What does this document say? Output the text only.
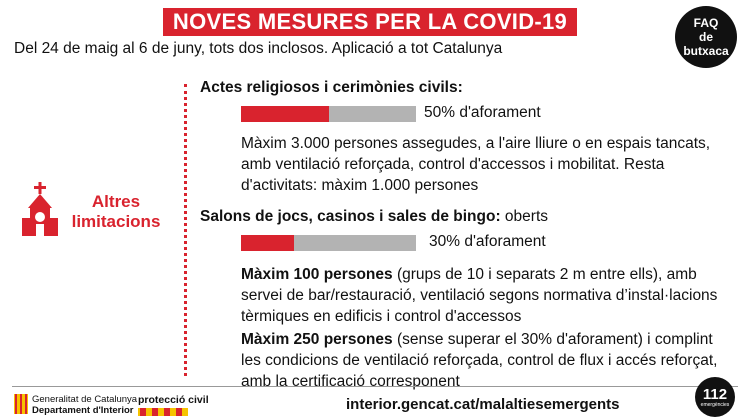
NOVES MESURES PER LA COVID-19	FAQ
de
butxaca
Del 24 de maig al 6 de juny, tots dos inclosos. Aplicació a tot Catalunya
Altres
limitacions
Actes religiosos i cerimònies civils:
50% d'aforament
Màxim 3.000 persones assegudes, a l'aire lliure o en espais tancats, amb ventilació reforçada, control d'accessos i mobilitat. Resta d'activitats: màxim 1.000 persones
Salons de jocs, casinos i sales de bingo: oberts
30% d'aforament
Màxim 100 persones (grups de 10 i separats 2 m entre ells), amb servei de bar/restauració, ventilació segons normativa d’instal·lacions tèrmiques en edificis i control d'accessos
Màxim 250 persones (sense superar el 30% d'aforament) i complint les condicions de ventilació reforçada, control de flux i accés reforçat, amb la certificació corresponent
Generalitat de Catalunya
Departament d'Interior
protecció civil	interior.gencat.cat/malaltiesemergents
112
emergències
